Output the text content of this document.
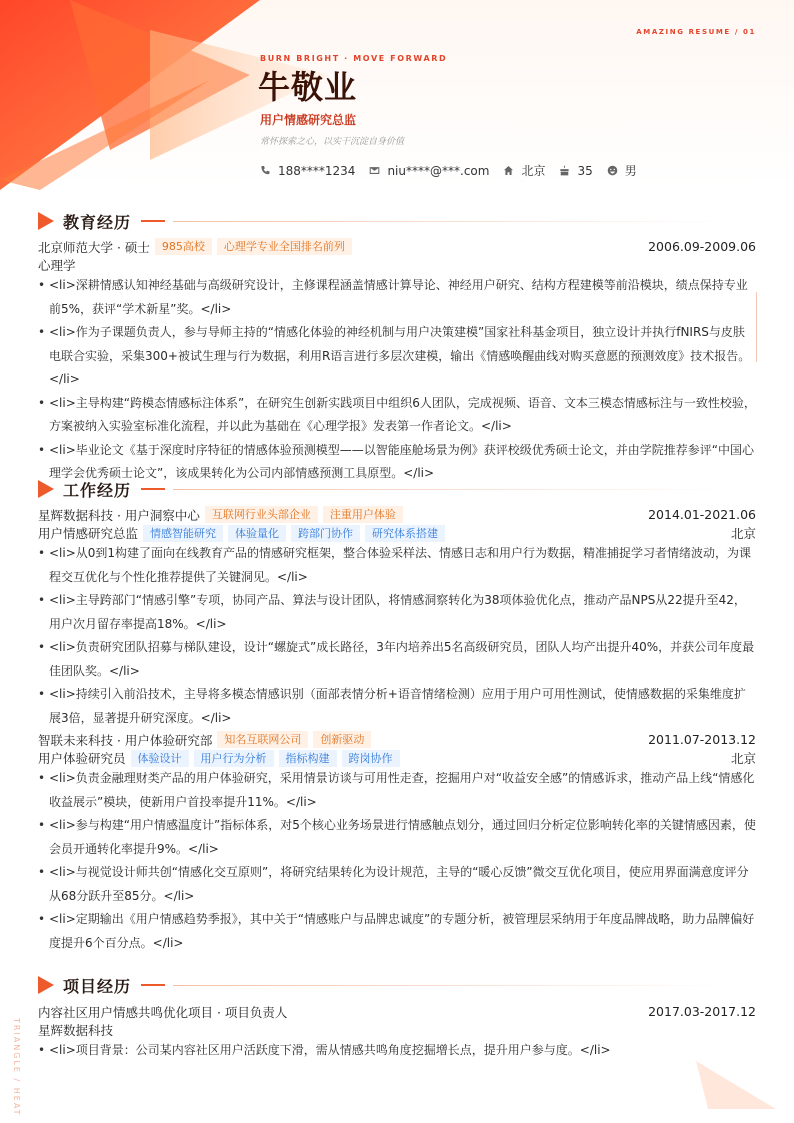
AMAZING RESUME / 01
BURN BRIGHT · MOVE FORWARD
牛敬业
用户情感研究总监
常怀探索之心，以实干沉淀自身价值
188****1234	niu****@***.com	北京	35	男
教育经历
北京师范大学 · 硕士	985高校	心理学专业全国排名前列	2006.09-2009.06
心理学
• <li>深耕情感认知神经基础与高级研究设计，主修课程涵盖情感计算导论、神经用户研究、结构方程建模等前沿模块，绩点保持专业前5%，获评“学术新星”奖。</li>
• <li>作为子课题负责人，参与导师主持的“情感化体验的神经机制与用户决策建模”国家社科基金项目，独立设计并执行fNIRS与皮肤电联合实验，采集300+被试生理与行为数据，利用R语言进行多层次建模，输出《情感唤醒曲线对购买意愿的预测效度》技术报告。</li>
• <li>主导构建“跨模态情感标注体系”，在研究生创新实践项目中组织6人团队，完成视频、语音、文本三模态情感标注与一致性校验，方案被纳入实验室标准化流程，并以此为基础在《心理学报》发表第一作者论文。</li>
• <li>毕业论文《基于深度时序特征的情感体验预测模型——以智能座舱场景为例》获评校级优秀硕士论文，并由学院推荐参评“中国心理学会优秀硕士论文”，该成果转化为公司内部情感预测工具原型。</li>
工作经历
星辉数据科技 · 用户洞察中心	互联网行业头部企业	注重用户体验	2014.01-2021.06
用户情感研究总监	情感智能研究	体验量化	跨部门协作	研究体系搭建	北京
• <li>从0到1构建了面向在线教育产品的情感研究框架，整合体验采样法、情感日志和用户行为数据，精准捕捉学习者情绪波动，为课程交互优化与个性化推荐提供了关键洞见。</li>
• <li>主导跨部门“情感引擎”专项，协同产品、算法与设计团队，将情感洞察转化为38项体验优化点，推动产品NPS从22提升至42，用户次月留存率提高18%。</li>
• <li>负责研究团队招募与梯队建设，设计“螺旋式”成长路径，3年内培养出5名高级研究员，团队人均产出提升40%，并获公司年度最佳团队奖。</li>
• <li>持续引入前沿技术，主导将多模态情感识别（面部表情分析+语音情绪检测）应用于用户可用性测试，使情感数据的采集维度扩展3倍，显著提升研究深度。</li>
智联未来科技 · 用户体验研究部	知名互联网公司	创新驱动	2011.07-2013.12
用户体验研究员	体验设计	用户行为分析	指标构建	跨岗协作	北京
• <li>负责金融理财类产品的用户体验研究，采用情景访谈与可用性走查，挖掘用户对“收益安全感”的情感诉求，推动产品上线“情感化收益展示”模块，使新用户首投率提升11%。</li>
• <li>参与构建“用户情感温度计”指标体系，对5个核心业务场景进行情感触点划分，通过回归分析定位影响转化率的关键情感因素，使会员开通转化率提升9%。</li>
• <li>与视觉设计师共创“情感化交互原则”，将研究结果转化为设计规范，主导的“暖心反馈”微交互优化项目，使应用界面满意度评分从68分跃升至85分。</li>
• <li>定期输出《用户情感趋势季报》，其中关于“情感账户与品牌忠诚度”的专题分析，被管理层采纳用于年度品牌战略，助力品牌偏好度提升6个百分点。</li>
项目经历
内容社区用户情感共鸣优化项目 · 项目负责人	2017.03-2017.12
星辉数据科技
• <li>项目背景：公司某内容社区用户活跃度下滑，需从情感共鸣角度挖掘增长点，提升用户参与度。</li>
TRIANGLE / HEAT
